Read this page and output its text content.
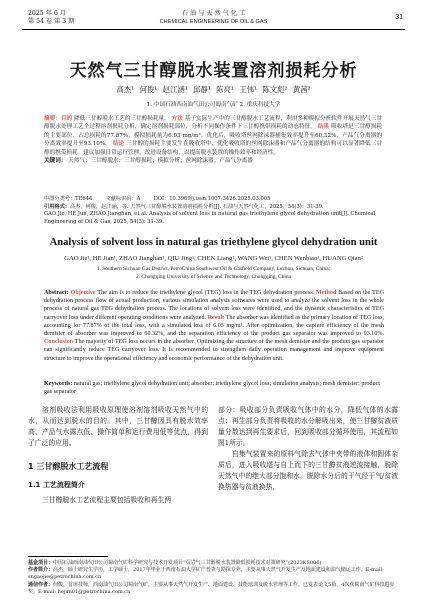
2025 年 6 月
第 54 卷 第 3 期
石 油 与 天 然 气 化 工
CHEMICAL ENGINEERING OF OIL & GAS
31
天然气三甘醇脱水装置溶剂损耗分析
高杰¹ 何俊¹ 赵江涵¹ 邱静¹ 陈亮¹ 王伟¹ 陈文彪¹ 黄茜²
1. 中国石油西南油气田公司蜀南气矿 2. 重庆科技大学
摘要：目的 降低三甘醇脱水工艺的三甘醇损耗量。 方法 基于实际生产中的三甘醇脱水工艺流程，利用多种模拟分析软件开展天然气三甘醇脱水处理工艺全过程溶剂损耗分析，确定溶剂损耗部位，分析不同操作条件下三甘醇携带损耗的动态特征。 结果 吸收塔是三甘醇损耗的主要部位，占总损耗的77.87%，模拟损耗量为6.03 mg/m³。优化后，吸收塔丝网除沫器捕集效率提升至60.32%，产品气分离器的分离效率提升至93.10%。 结论 三甘醇的损耗主要发生在吸收塔中，优化吸收塔的丝网除沫器和产品气分离器的结构可以显著降低三甘醇的携带损耗。建议加强日常运行管理，改进设备结构，以提高脱水装置的操作效率和经济性。
关键词： 天然气；三甘醇脱水；三甘醇损耗；模拟分析；丝网除沫器；产品气分离器
中图分类号：TE644	文献标识码：A	DOI：10.3969/j.issn.1007-3426.2025.03.005
引用格式：高杰，何俊，赵江涵，等. 天然气三甘醇脱水装置溶剂损耗分析[J]. 石油与天然气化工，2025，54(3)：31-39.
GAO Jie, HE Jun, ZHAO Jianghan, et al. Analysis of solvent loss in natural gas triethylene glycol dehydration unit[J]. Chemical Engineering of Oil & Gas, 2025, 54(3): 31-39.
Analysis of solvent loss in natural gas triethylene glycol dehydration unit
GAO Jie¹, HE Jian¹, ZHAO Jianghan¹, QIU Jing¹, CHEN Liang¹, WANG Wei¹, CHEN Wenbiao¹, HUANG Qian²
1. Southern Sichuan Gas District, PetroChina Southwest Oil & Gasfield Company, Luzhou, Sichuan, China;
2. Chongqing University of Science and Technology, Chongqing, China
Abstract: Objective The aim is to reduce the triethylene glycol (TEG) loss in the TEG dehydration process. Method Based on the TEG dehydration process flow of actual production, various simulation analysis softwares were used to analyze the solvent loss in the whole process of natural gas TEG dehydration process. The locations of solvent loss were identified, and the dynamic characteristics of TEG carryover loss under different operating conditions were analyzed. Result The absorber was identified as the primary location of TEG loss, accounting for 77.87% of the total loss, with a simulated loss of 6.03 mg/m³. After optimization, the capture efficiency of the mesh demister of absorber was improved to 60.32%, and the separation efficiency of the product gas separator was improved to 93.10%. Conclusion The majority of TEG loss occurs in the absorber. Optimizing the structure of the mesh demister and the product gas separator can significantly reduce TEG carryover loss. It is recommended to strengthen daily operation management and improve equipment structure to improve the operational efficiency and economic performance of the dehydration unit.
Keywords: natural gas; triethylene glycol dehydration unit; absorber; triethylene glycol loss; simulation analysis; mesh demister; product gas separator

溶剂吸收法利用吸收原理使溶剂溶剂吸收天然气中的水，从而达到脱水的目的。其中，三甘醇因具有脱水效率高、产品气水露点低、操作简单和运行费用低等优点，得到了广泛的应用。

1 三甘醇脱水工艺流程
1.1 工艺流程简介

三甘醇脱水工艺流程主要包括吸收和再生两

部分：吸收部分负责吸收气体中的水分，降低气体的水露点；再生部分负责将吸收的水分解吸出来，使三甘醇贫液质量分数达到再生要求后，回到吸收部分循环使用，其流程如图1所示。

自集气装置来的原料气除去气体中夹带的液体和固体杂质后，进入吸收塔与自上而下的三甘醇贫液逆流接触，脱除天然气中的绝大部分饱和水。脱除水分后的干气经干气/贫液换热器与贫液换热，

基金项目：中国石油西南油气田公司蜀南气矿科学研究与技术开发项目“页岩气三甘醇脱水装置降低损耗技术对策研究”(2023KS006)
作者简介：高杰，硕士研究生学历，工学硕士，2017年毕业于西南石油大学矿产普查与勘探专业，主要从事天然气开发生产及地面建设和油气储运工作。E-mail: sngaojie@petrochina.com.cn
通信作者：何俊，首席技师，西南油气田公司蜀南气矿，主要从事天然气开发生产、地面建设、技能培训及脱水管理等工作。已发表论文5篇，4次获蜀南气矿科技进步奖。E-mail: hejun01@petrochina.com.cn
